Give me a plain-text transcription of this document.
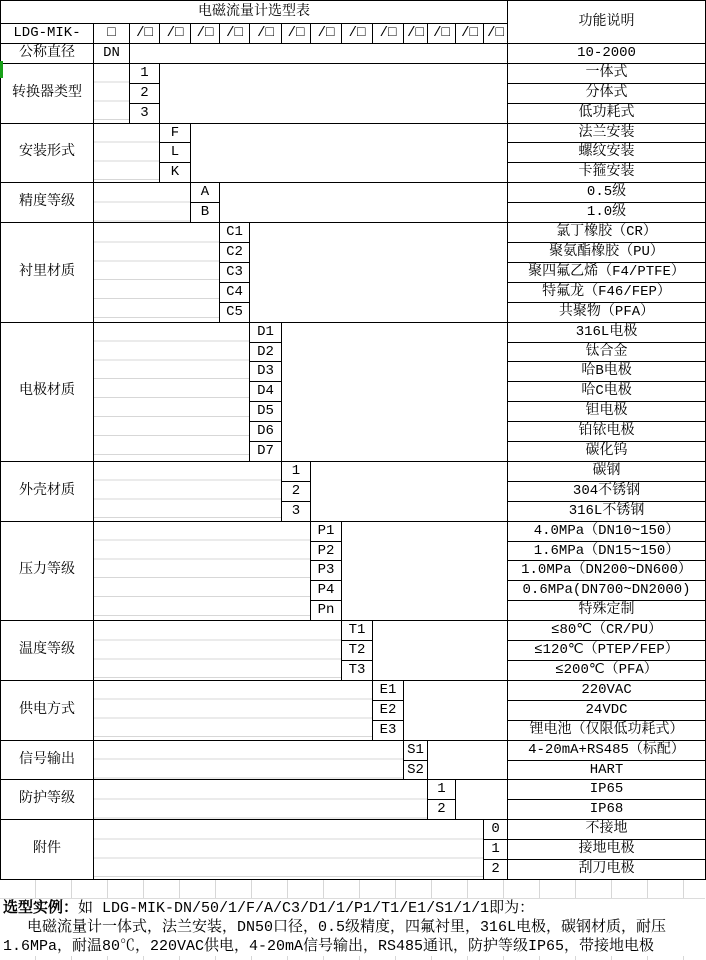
电磁流量计选型表															功能说明
LDG-MIK-	□	/□	/□	/□	/□	/□	/□	/□	/□	/□	/□	/□	/□	/□	
公称直径	DN														10-2000
转换器类型		1													一体式
		2													分体式
		3													低功耗式
安装形式			F												法兰安装
			L												螺纹安装
			K												卡箍安装
精度等级				A											0.5级
				B											1.0级
衬里材质					C1										氯丁橡胶（CR）
					C2										聚氨酯橡胶（PU）
					C3										聚四氟乙烯（F4/PTFE）
					C4										特氟龙（F46/FEP）
					C5										共聚物（PFA）
电极材质						D1									316L电极
						D2									钛合金
						D3									哈B电极
						D4									哈C电极
						D5									钽电极
						D6									铂铱电极
						D7									碳化钨
外壳材质							1								碳钢
							2								304不锈钢
							3								316L不锈钢
压力等级								P1							4.0MPa（DN10~150）
								P2							1.6MPa（DN15~150）
								P3							1.0MPa（DN200~DN600）
								P4							0.6MPa(DN700~DN2000)
								Pn							特殊定制
温度等级									T1						≤80℃（CR/PU）
									T2						≤120℃（PTEP/FEP）
									T3						≤200℃（PFA）
供电方式										E1					220VAC
										E2					24VDC
										E3					锂电池（仅限低功耗式）
信号输出											S1				4-20mA+RS485（标配）
											S2				HART
防护等级												1			IP65
												2			IP68
附件														0	不接地
														1	接地电极
														2	刮刀电极
选型实例：如 LDG-MIK-DN/50/1/F/A/C3/D1/1/P1/T1/E1/S1/1/1即为：
　 电磁流量计一体式，法兰安装，DN50口径，0.5级精度，四氟衬里，316L电极，碳钢材质，耐压
1.6MPa，耐温80℃，220VAC供电，4-20mA信号输出，RS485通讯，防护等级IP65，带接地电极
